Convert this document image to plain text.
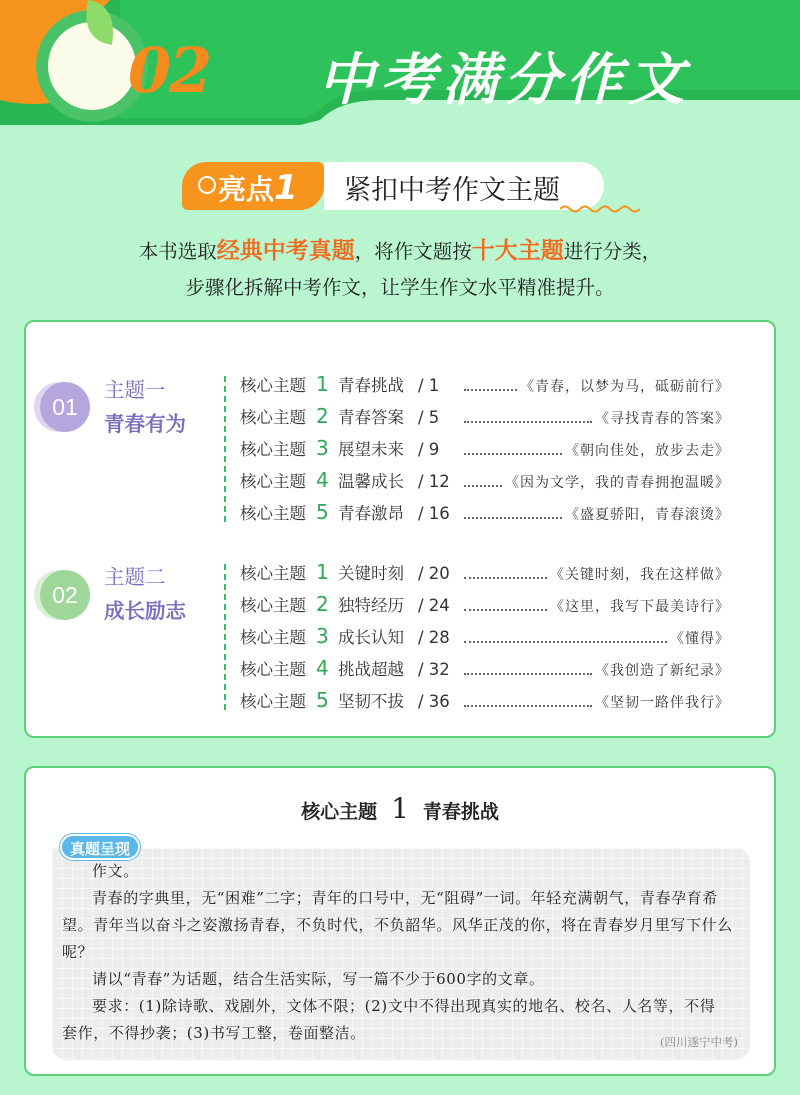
02 中考满分作文
亮点1 紧扣中考作文主题
本书选取经典中考真题，将作文题按十大主题进行分类，
步骤化拆解中考作文，让学生作文水平精准提升。
01
主题一
青春有为
核心主题 1 青春挑战 / 1	《青春，以梦为马，砥砺前行》
核心主题 2 青春答案 / 5	《寻找青春的答案》
核心主题 3 展望未来 / 9	《朝向佳处，放步去走》
核心主题 4 温馨成长 / 12	《因为文学，我的青春拥抱温暖》
核心主题 5 青春激昂 / 16	《盛夏骄阳，青春滚烫》
02
主题二
成长励志
核心主题 1 关键时刻 / 20	《关键时刻，我在这样做》
核心主题 2 独特经历 / 24	《这里，我写下最美诗行》
核心主题 3 成长认知 / 28	《懂得》
核心主题 4 挑战超越 / 32	《我创造了新纪录》
核心主题 5 坚韧不拔 / 36	《坚韧一路伴我行》
核心主题 1 青春挑战
真题呈现
作文。
青春的字典里，无“困难”二字；青年的口号中，无“阻碍”一词。年轻充满朝气，青春孕育希望。青年当以奋斗之姿激扬青春，不负时代，不负韶华。风华正茂的你，将在青春岁月里写下什么呢？
请以“青春”为话题，结合生活实际，写一篇不少于600字的文章。
要求：(1)除诗歌、戏剧外，文体不限；(2)文中不得出现真实的地名、校名、人名等，不得套作，不得抄袭；(3)书写工整，卷面整洁。	(四川遂宁中考)
